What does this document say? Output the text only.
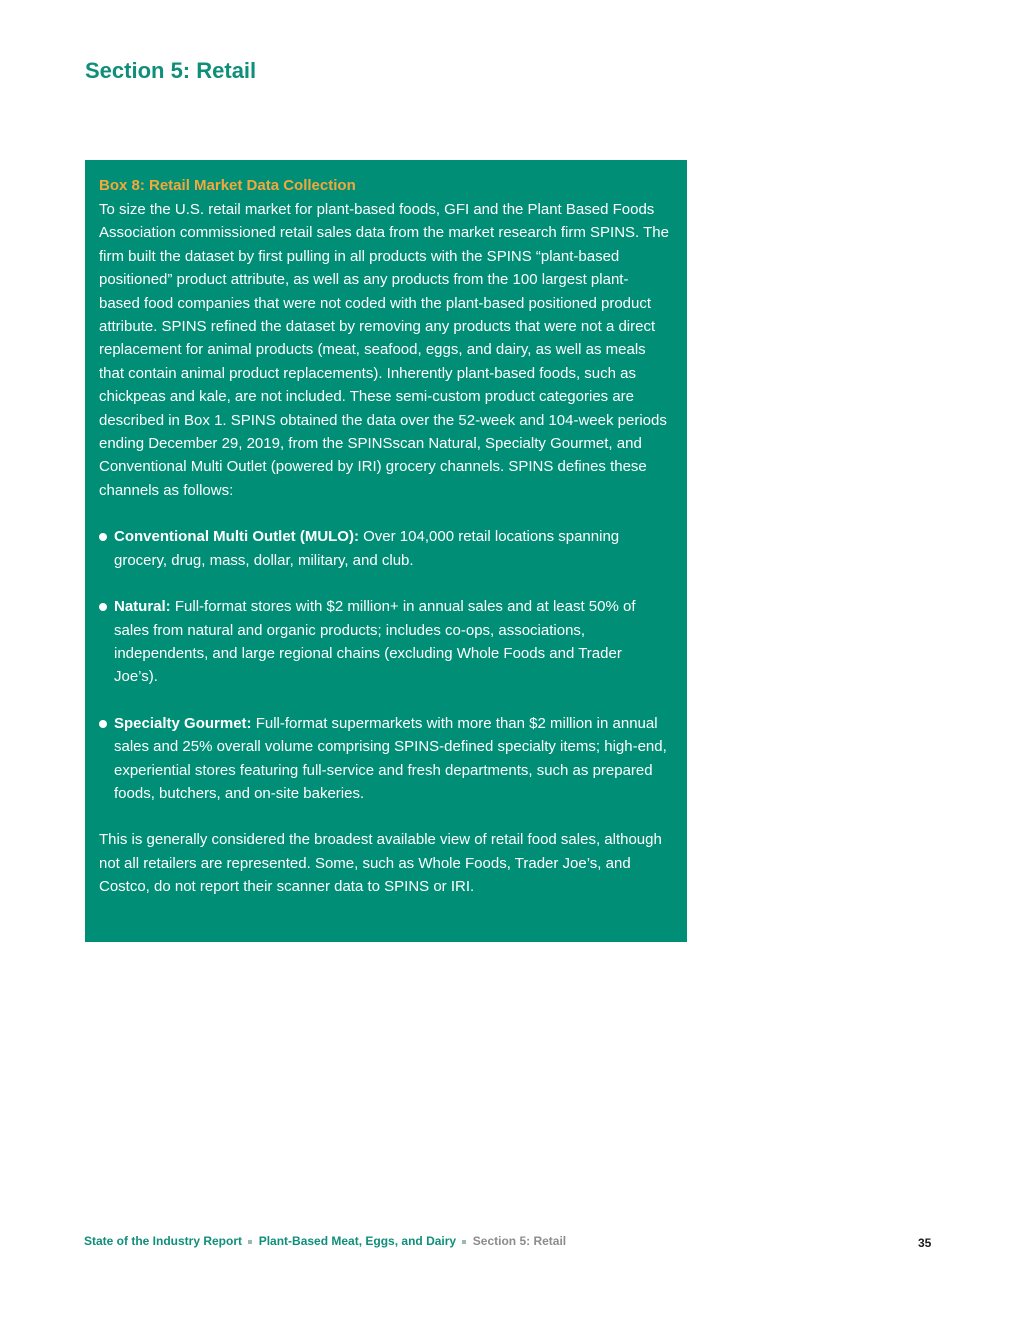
Section 5: Retail
Box 8: Retail Market Data Collection

To size the U.S. retail market for plant-based foods, GFI and the Plant Based Foods Association commissioned retail sales data from the market research firm SPINS. The firm built the dataset by first pulling in all products with the SPINS “plant-based positioned” product attribute, as well as any products from the 100 largest plant-based food companies that were not coded with the plant-based positioned product attribute. SPINS refined the dataset by removing any products that were not a direct replacement for animal products (meat, seafood, eggs, and dairy, as well as meals that contain animal product replacements). Inherently plant-based foods, such as chickpeas and kale, are not included. These semi-custom product categories are described in Box 1. SPINS obtained the data over the 52-week and 104-week periods ending December 29, 2019, from the SPINSscan Natural, Specialty Gourmet, and Conventional Multi Outlet (powered by IRI) grocery channels. SPINS defines these channels as follows:

Conventional Multi Outlet (MULO): Over 104,000 retail locations spanning grocery, drug, mass, dollar, military, and club.
Natural: Full-format stores with $2 million+ in annual sales and at least 50% of sales from natural and organic products; includes co-ops, associations, independents, and large regional chains (excluding Whole Foods and Trader Joe’s).
Specialty Gourmet: Full-format supermarkets with more than $2 million in annual sales and 25% overall volume comprising SPINS-defined specialty items; high-end, experiential stores featuring full-service and fresh departments, such as prepared foods, butchers, and on-site bakeries.

This is generally considered the broadest available view of retail food sales, although not all retailers are represented. Some, such as Whole Foods, Trader Joe’s, and Costco, do not report their scanner data to SPINS or IRI.

State of the Industry Report Plant-Based Meat, Eggs, and Dairy Section 5: Retail	35
